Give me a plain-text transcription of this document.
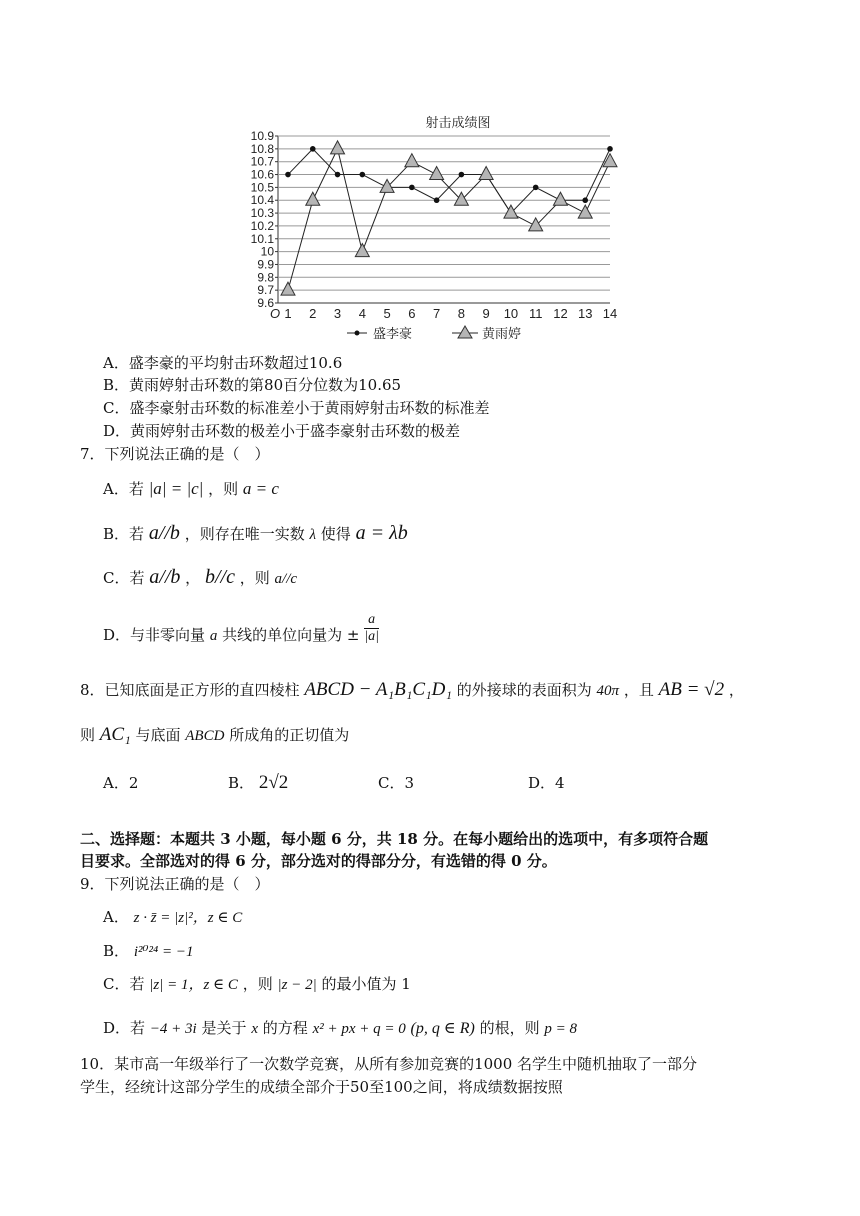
射击成绩图
9.6
9.7
9.8
9.9
10
10.1
10.2
10.3
10.4
10.5
10.6
10.7
10.8
10.9
1 2 3 4 5 6 7 8 9 10 11 12 13 14
O
盛李豪	黄雨婷
A．盛李豪的平均射击环数超过10.6
B．黄雨婷射击环数的第80百分位数为10.65
C．盛李豪射击环数的标准差小于黄雨婷射击环数的标准差
D．黄雨婷射击环数的极差小于盛李豪射击环数的极差
7．下列说法正确的是（　）
A．若 |a| = |c| ，则 a = c
B．若 a//b ，则存在唯一实数 λ 使得 a = λb
C．若 a//b ， b//c ，则 a//c
D．与非零向量 a 共线的单位向量为 ± $\frac{a}{|a|}$
8．已知底面是正方形的直四棱柱 ABCD − A₁B₁C₁D₁ 的外接球的表面积为 40π ，且 AB = √2 ，
则 AC₁ 与底面 ABCD 所成角的正切值为
A．2	B． 2√2	C．3	D．4
二、选择题：本题共 3 小题，每小题 6 分，共 18 分。在每小题给出的选项中，有多项符合题
目要求。全部选对的得 6 分，部分选对的得部分分，有选错的得 0 分。
9．下列说法正确的是（　）
A． z · z̄ = |z|²，z ∈ C
B． i²⁰²⁴ = −1
C．若 |z| = 1，z ∈ C ，则 |z − 2| 的最小值为 1
D．若 −4 + 3i 是关于 x 的方程 x² + px + q = 0 (p, q ∈ R) 的根，则 p = 8
10．某市高一年级举行了一次数学竞赛，从所有参加竞赛的1000 名学生中随机抽取了一部分
学生，经统计这部分学生的成绩全部介于50至100之间，将成绩数据按照
